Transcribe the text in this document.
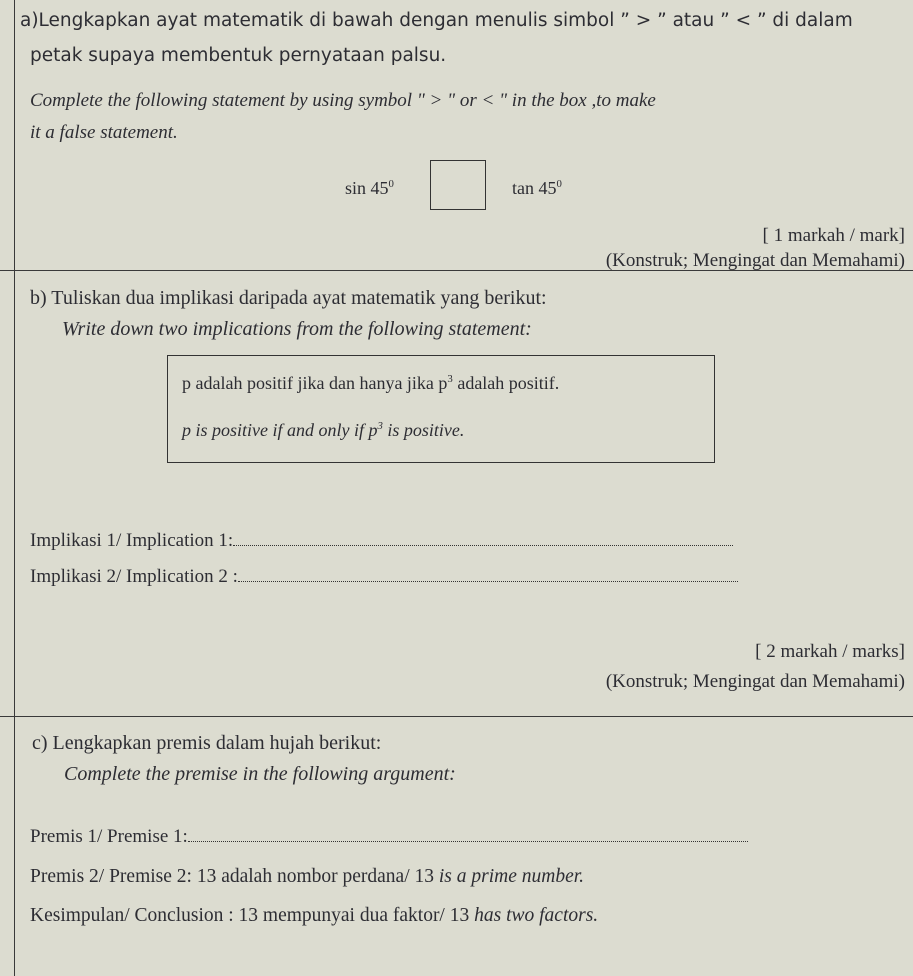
a)Lengkapkan ayat matematik di bawah dengan menulis simbol ” > ” atau ” < ” di dalam
petak supaya membentuk pernyataan palsu.
Complete the following statement by using symbol " > " or < " in the box ,to make
it a false statement.
$\sin 45^0$	$\tan 45^0$
[ 1 markah / mark]
(Konstruk; Mengingat dan Memahami)
b) Tuliskan dua implikasi daripada ayat matematik yang berikut:
Write down two implications from the following statement:
p adalah positif jika dan hanya jika $p^3$ adalah positif.
p is positive if and only if $p^3$ is positive.
Implikasi 1/ Implication 1:
Implikasi 2/ Implication 2 :
[ 2 markah / marks]
(Konstruk; Mengingat dan Memahami)
c) Lengkapkan premis dalam hujah berikut:
Complete the premise in the following argument:
Premis 1/ Premise 1:
Premis 2/ Premise 2: 13 adalah nombor perdana/ 13 is a prime number.
Kesimpulan/ Conclusion : 13 mempunyai dua faktor/ 13 has two factors.
